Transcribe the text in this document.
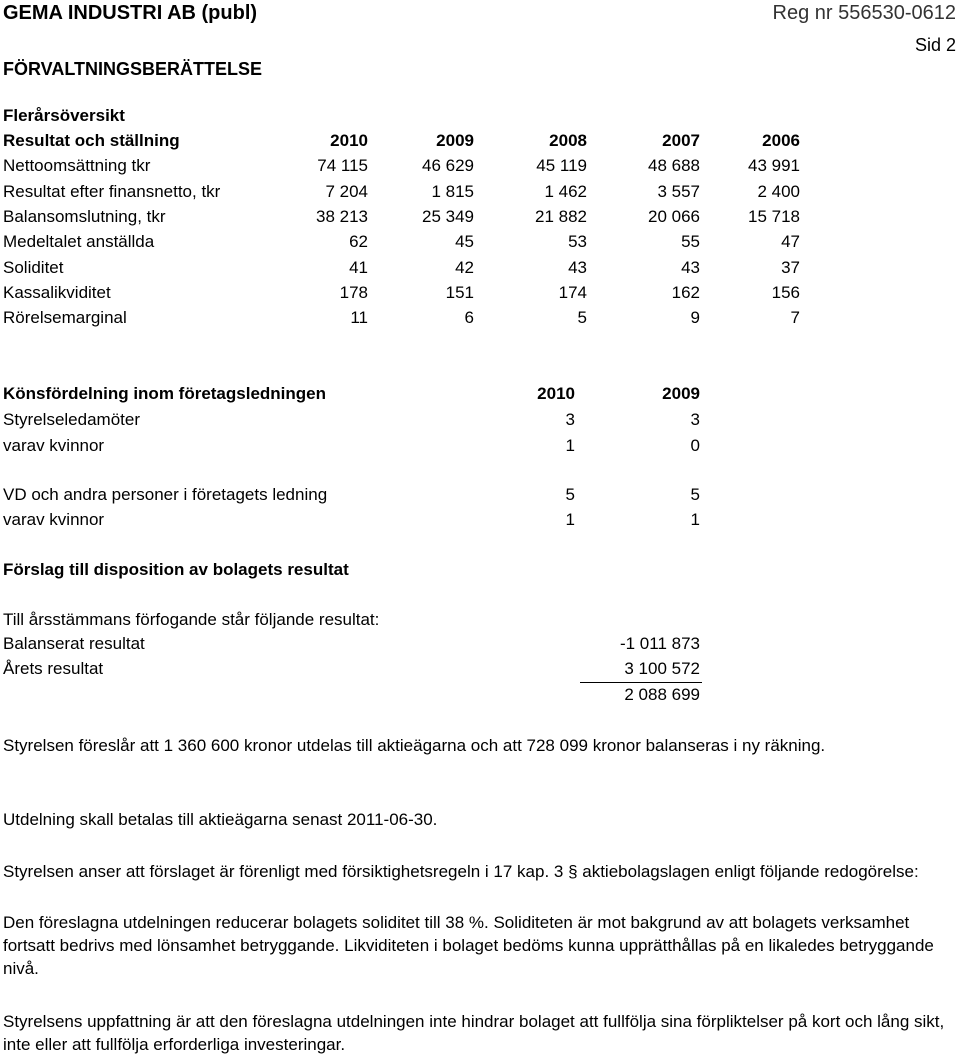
GEMA INDUSTRI AB (publ)	Reg nr 556530-0612
Sid 2
FÖRVALTNINGSBERÄTTELSE
Flerårsöversikt
Resultat och ställning	2010	2009	2008	2007	2006
Nettoomsättning tkr	74 115	46 629	45 119	48 688	43 991
Resultat efter finansnetto, tkr	7 204	1 815	1 462	3 557	2 400
Balansomslutning, tkr	38 213	25 349	21 882	20 066	15 718
Medeltalet anställda	62	45	53	55	47
Soliditet	41	42	43	43	37
Kassalikviditet	178	151	174	162	156
Rörelsemarginal	11	6	5	9	7
Könsfördelning inom företagsledningen	2010	2009
Styrelseledamöter	3	3
varav kvinnor	1	0
VD och andra personer i företagets ledning	5	5
varav kvinnor	1	1
Förslag till disposition av bolagets resultat
Till årsstämmans förfogande står följande resultat:
Balanserat resultat	-1 011 873
Årets resultat	3 100 572
2 088 699
Styrelsen föreslår att 1 360 600 kronor utdelas till aktieägarna och att 728 099 kronor balanseras i ny räkning.
Utdelning skall betalas till aktieägarna senast 2011-06-30.
Styrelsen anser att förslaget är förenligt med försiktighetsregeln i 17 kap. 3 § aktiebolagslagen enligt följande redogörelse:
Den föreslagna utdelningen reducerar bolagets soliditet till 38 %. Soliditeten är mot bakgrund av att bolagets verksamhet fortsatt bedrivs med lönsamhet betryggande. Likviditeten i bolaget bedöms kunna upprätthållas på en likaledes betryggande nivå.
Styrelsens uppfattning är att den föreslagna utdelningen inte hindrar bolaget att fullfölja sina förpliktelser på kort och lång sikt, inte eller att fullfölja erforderliga investeringar.
